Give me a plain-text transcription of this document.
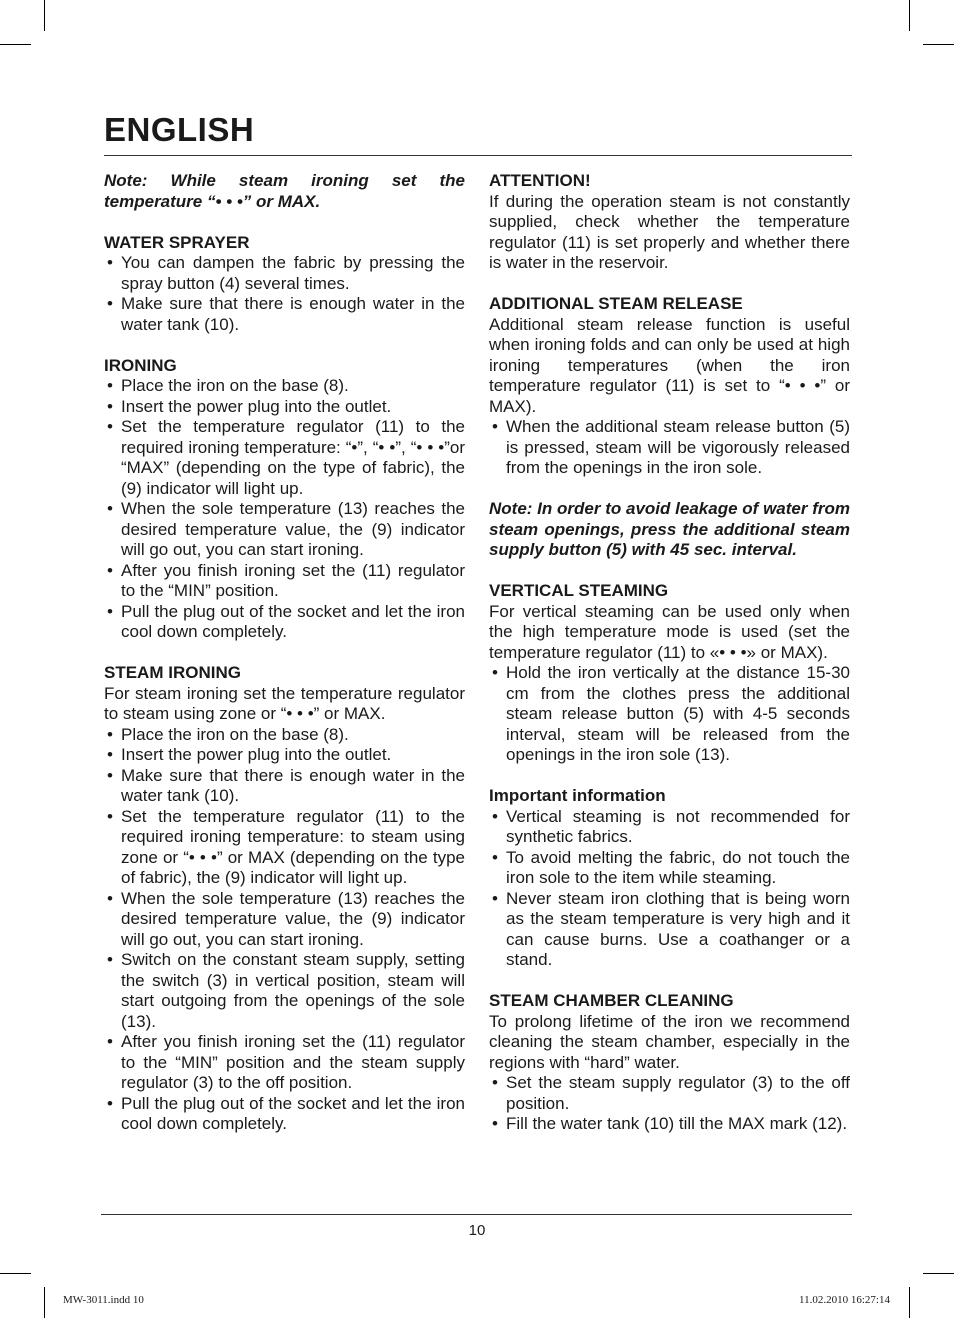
ENGLISH

Note: While steam ironing set the temperature “• • •” or MAX.

WATER SPRAYER

• You can dampen the fabric by pressing the spray button (4) several times.
• Make sure that there is enough water in the water tank (10).

IRONING

• Place the iron on the base (8).
• Insert the power plug into the outlet.
• Set the temperature regulator (11) to the required ironing temperature: “•”, “• •”, “• • •”or “MAX” (depending on the type of fabric), the (9) indicator will light up.
• When the sole temperature (13) reaches the desired temperature value, the (9) indicator will go out, you can start ironing.
• After you finish ironing set the (11) regulator to the “MIN” position.
• Pull the plug out of the socket and let the iron cool down completely.

STEAM IRONING

For steam ironing set the temperature regulator to steam using zone or “• • •” or MAX.

• Place the iron on the base (8).
• Insert the power plug into the outlet.
• Make sure that there is enough water in the water tank (10).
• Set the temperature regulator (11) to the required ironing temperature: to steam using zone or “• • •” or MAX (depending on the type of fabric), the (9) indicator will light up.
• When the sole temperature (13) reaches the desired temperature value, the (9) indicator will go out, you can start ironing.
• Switch on the constant steam supply, setting the switch (3) in vertical position, steam will start outgoing from the openings of the sole (13).
• After you finish ironing set the (11) regulator to the “MIN” position and the steam supply regulator (3) to the off position.
• Pull the plug out of the socket and let the iron cool down completely.

ATTENTION!

If during the operation steam is not constantly supplied, check whether the temperature regulator (11) is set properly and whether there is water in the reservoir.

ADDITIONAL STEAM RELEASE

Additional steam release function is useful when ironing folds and can only be used at high ironing temperatures (when the iron temperature regulator (11) is set to “• • •” or MAX).

• When the additional steam release button (5) is pressed, steam will be vigorously released from the openings in the iron sole.

Note: In order to avoid leakage of water from steam openings, press the additional steam supply button (5) with 45 sec. interval.

VERTICAL STEAMING

For vertical steaming can be used only when the high temperature mode is used (set the temperature regulator (11) to «• • •» or MAX).

• Hold the iron vertically at the distance 15-30 cm from the clothes press the additional steam release button (5) with 4-5 seconds interval, steam will be released from the openings in the iron sole (13).

Important information

• Vertical steaming is not recommended for synthetic fabrics.
• To avoid melting the fabric, do not touch the iron sole to the item while steaming.
• Never steam iron clothing that is being worn as the steam temperature is very high and it can cause burns. Use a coathanger or a stand.

STEAM CHAMBER CLEANING

To prolong lifetime of the iron we recommend cleaning the steam chamber, especially in the regions with “hard” water.

• Set the steam supply regulator (3) to the off position.
• Fill the water tank (10) till the MAX mark (12).
10
MW-3011.indd 10	11.02.2010 16:27:14
